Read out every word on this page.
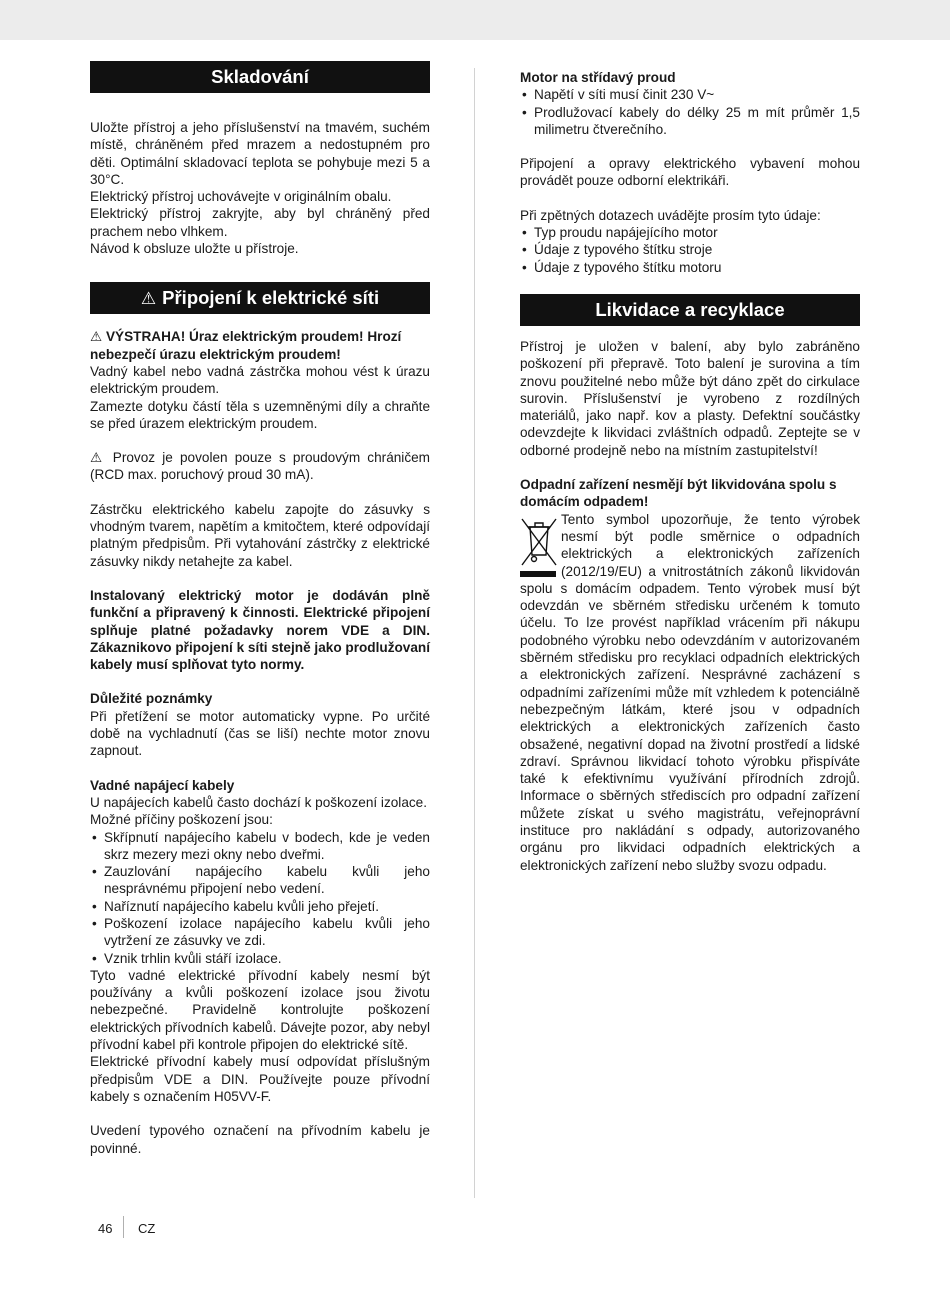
Skladování

Uložte přístroj a jeho příslušenství na tmavém, suchém místě, chráněném před mrazem a nedostupném pro děti. Optimální skladovací teplota se pohybuje mezi 5 a 30°C.

Elektrický přístroj uchovávejte v originálním obalu.

Elektrický přístroj zakryjte, aby byl chráněný před prachem nebo vlhkem.

Návod k obsluze uložte u přístroje.

⚠ Připojení k elektrické síti

⚠ VÝSTRAHA! Úraz elektrickým proudem! Hrozí nebezpečí úrazu elektrickým proudem!

Vadný kabel nebo vadná zástrčka mohou vést k úrazu elektrickým proudem.

Zamezte dotyku částí těla s uzemněnými díly a chraňte se před úrazem elektrickým proudem.

⚠ Provoz je povolen pouze s proudovým chráničem (RCD max. poruchový proud 30 mA).

Zástrčku elektrického kabelu zapojte do zásuvky s vhodným tvarem, napětím a kmitočtem, které odpovídají platným předpisům. Při vytahování zástrčky z elektrické zásuvky nikdy netahejte za kabel.

Instalovaný elektrický motor je dodáván plně funkční a připravený k činnosti. Elektrické připojení splňuje platné požadavky norem VDE a DIN. Zákaznikovo připojení k síti stejně jako prodlužovaní kabely musí splňovat tyto normy.

Důležité poznámky

Při přetížení se motor automaticky vypne. Po určité době na vychladnutí (čas se liší) nechte motor znovu zapnout.

Vadné napájecí kabely

U napájecích kabelů často dochází k poškození izolace.

Možné příčiny poškození jsou:

• Skřípnutí napájecího kabelu v bodech, kde je veden skrz mezery mezi okny nebo dveřmi.
• Zauzlování napájecího kabelu kvůli jeho nesprávnému připojení nebo vedení.
• Naříznutí napájecího kabelu kvůli jeho přejetí.
• Poškození izolace napájecího kabelu kvůli jeho vytržení ze zásuvky ve zdi.
• Vznik trhlin kvůli stáří izolace.

Tyto vadné elektrické přívodní kabely nesmí být používány a kvůli poškození izolace jsou životu nebezpečné. Pravidelně kontrolujte poškození elektrických přívodních kabelů. Dávejte pozor, aby nebyl přívodní kabel při kontrole připojen do elektrické sítě.

Elektrické přívodní kabely musí odpovídat příslušným předpisům VDE a DIN. Používejte pouze přívodní kabely s označením H05VV-F.

Uvedení typového označení na přívodním kabelu je povinné.

Motor na střídavý proud

• Napětí v síti musí činit 230 V~
• Prodlužovací kabely do délky 25 m mít průměr 1,5 milimetru čtverečního.

Připojení a opravy elektrického vybavení mohou provádět pouze odborní elektrikáři.

Při zpětných dotazech uvádějte prosím tyto údaje:

• Typ proudu napájejícího motor
• Údaje z typového štítku stroje
• Údaje z typového štítku motoru
Likvidace a recyklace

Přístroj je uložen v balení, aby bylo zabráněno poškození při přepravě. Toto balení je surovina a tím znovu použitelné nebo může být dáno zpět do cirkulace surovin. Příslušenství je vyrobeno z rozdílných materiálů, jako např. kov a plasty. Defektní součástky odevzdejte k likvidaci zvláštních odpadů. Zeptejte se v odborné prodejně nebo na místním zastupitelství!

Odpadní zařízení nesmějí být likvidována spolu s domácím odpadem!

Tento symbol upozorňuje, že tento výrobek nesmí být podle směrnice o odpadních elektrických a elektronických zařízeních (2012/19/EU) a vnitrostátních zákonů likvidován spolu s domácím odpadem. Tento výrobek musí být odevzdán ve sběrném středisku určeném k tomuto účelu. To lze provést například vrácením při nákupu podobného výrobku nebo odevzdáním v autorizovaném sběrném středisku pro recyklaci odpadních elektrických a elektronických zařízení. Nesprávné zacházení s odpadními zařízeními může mít vzhledem k potenciálně nebezpečným látkám, které jsou v odpadních elektrických a elektronických zařízeních často obsažené, negativní dopad na životní prostředí a lidské zdraví. Správnou likvidací tohoto výrobku přispíváte také k efektivnímu využívání přírodních zdrojů. Informace o sběrných střediscích pro odpadní zařízení můžete získat u svého magistrátu, veřejnoprávní instituce pro nakládání s odpady, autorizovaného orgánu pro likvidaci odpadních elektrických a elektronických zařízení nebo služby svozu odpadu.

46 CZ
